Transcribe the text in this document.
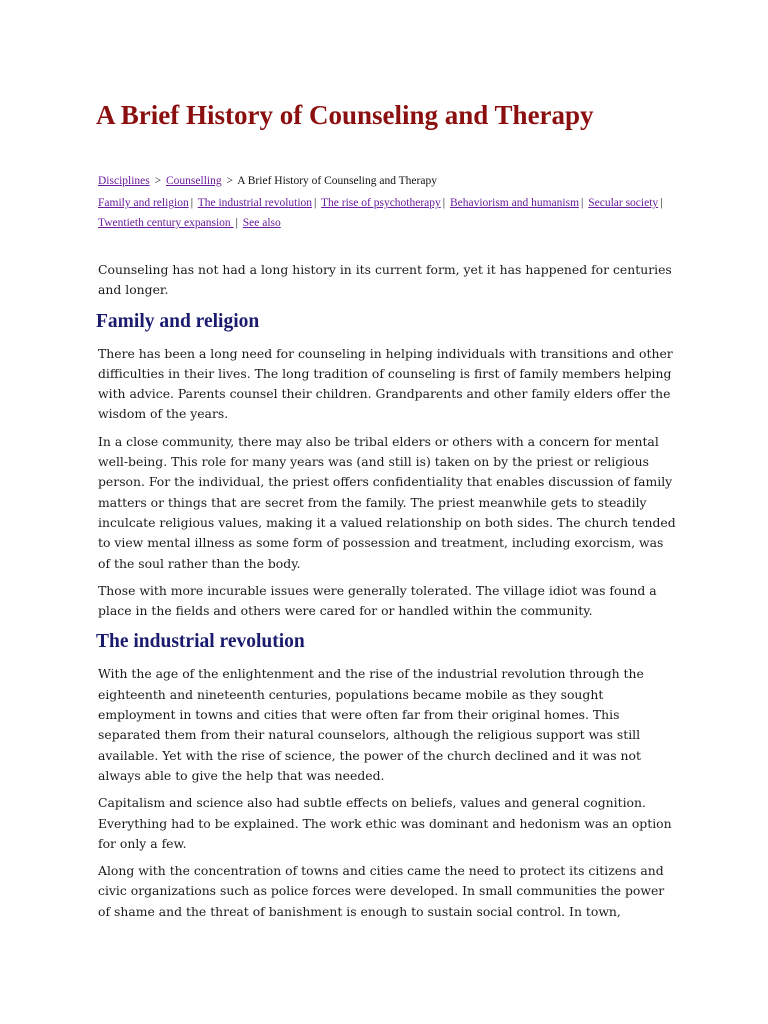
A Brief History of Counseling and Therapy
Disciplines > Counselling > A Brief History of Counseling and Therapy
Family and religion | The industrial revolution | The rise of psychotherapy | Behaviorism and humanism | Secular society | Twentieth century expansion | See also

Counseling has not had a long history in its current form, yet it has happened for centuries and longer.

Family and religion

There has been a long need for counseling in helping individuals with transitions and other difficulties in their lives. The long tradition of counseling is first of family members helping with advice. Parents counsel their children. Grandparents and other family elders offer the wisdom of the years.

In a close community, there may also be tribal elders or others with a concern for mental well-being. This role for many years was (and still is) taken on by the priest or religious person. For the individual, the priest offers confidentiality that enables discussion of family matters or things that are secret from the family. The priest meanwhile gets to steadily inculcate religious values, making it a valued relationship on both sides. The church tended to view mental illness as some form of possession and treatment, including exorcism, was of the soul rather than the body.

Those with more incurable issues were generally tolerated. The village idiot was found a place in the fields and others were cared for or handled within the community.

The industrial revolution

With the age of the enlightenment and the rise of the industrial revolution through the eighteenth and nineteenth centuries, populations became mobile as they sought employment in towns and cities that were often far from their original homes. This separated them from their natural counselors, although the religious support was still available. Yet with the rise of science, the power of the church declined and it was not always able to give the help that was needed.

Capitalism and science also had subtle effects on beliefs, values and general cognition. Everything had to be explained. The work ethic was dominant and hedonism was an option for only a few.

Along with the concentration of towns and cities came the need to protect its citizens and civic organizations such as police forces were developed. In small communities the power of shame and the threat of banishment is enough to sustain social control. In town,
